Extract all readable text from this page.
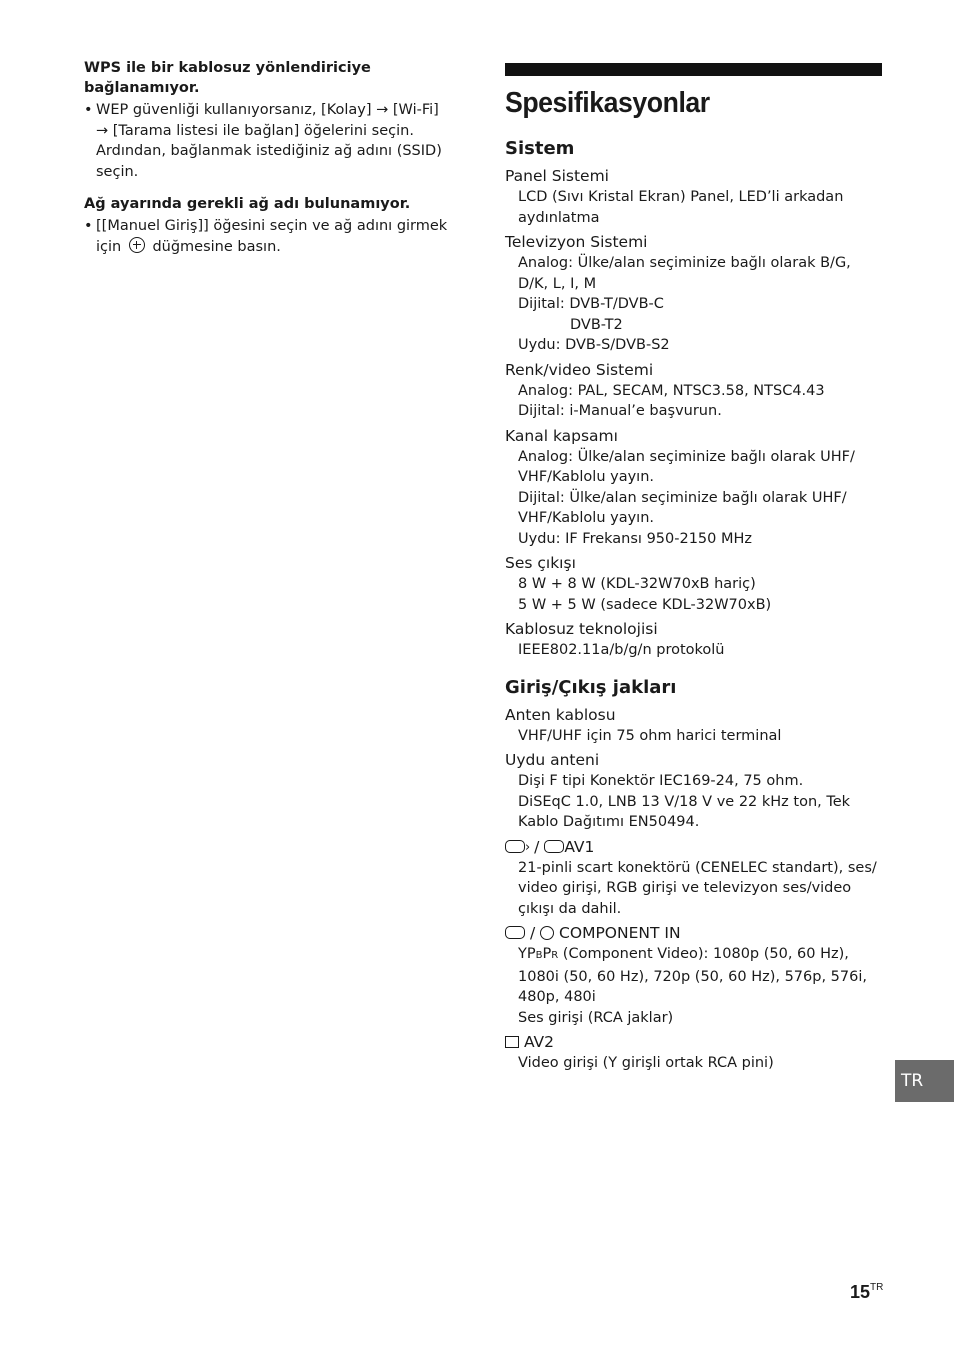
WPS ile bir kablosuz yönlendiriciye bağlanamıyor.

• WEP güvenliği kullanıyorsanız, [Kolay] → [Wi-Fi] → [Tarama listesi ile bağlan] öğelerini seçin.

Ardından, bağlanmak istediğiniz ağ adını (SSID) seçin.

Ağ ayarında gerekli ağ adı bulunamıyor.

• [[Manuel Giriş]] öğesini seçin ve ağ adını girmek için düğmesine basın.

Spesifikasyonlar
Sistem
Panel Sistemi
LCD (Sıvı Kristal Ekran) Panel, LED’li arkadan aydınlatma
Televizyon Sistemi
Analog: Ülke/alan seçiminize bağlı olarak B/G, D/K, L, I, M
Dijital: DVB-T/DVB-C
DVB-T2
Uydu: DVB-S/DVB-S2
Renk/video Sistemi
Analog: PAL, SECAM, NTSC3.58, NTSC4.43
Dijital: i-Manual’e başvurun.
Kanal kapsamı
Analog: Ülke/alan seçiminize bağlı olarak UHF/ VHF/Kablolu yayın.
Dijital: Ülke/alan seçiminize bağlı olarak UHF/ VHF/Kablolu yayın.
Uydu: IF Frekansı 950-2150 MHz
Ses çıkışı
8 W + 8 W (KDL-32W70xB hariç)
5 W + 5 W (sadece KDL-32W70xB)
Kablosuz teknolojisi
IEEE802.11a/b/g/n protokolü
Giriş/Çıkış jakları
Anten kablosu
VHF/UHF için 75 ohm harici terminal
Uydu anteni
Dişi F tipi Konektör IEC169-24, 75 ohm.
DiSEqC 1.0, LNB 13 V/18 V ve 22 kHz ton, Tek Kablo Dağıtımı EN50494.
› / AV1
21-pinli scart konektörü (CENELEC standart), ses/ video girişi, RGB girişi ve televizyon ses/video çıkışı da dahil.
/ COMPONENT IN
YPBPR (Component Video): 1080p (50, 60 Hz), 1080i (50, 60 Hz), 720p (50, 60 Hz), 576p, 576i, 480p, 480i
Ses girişi (RCA jaklar)
AV2
Video girişi (Y girişli ortak RCA pini)
TR
$15^{TR}$
